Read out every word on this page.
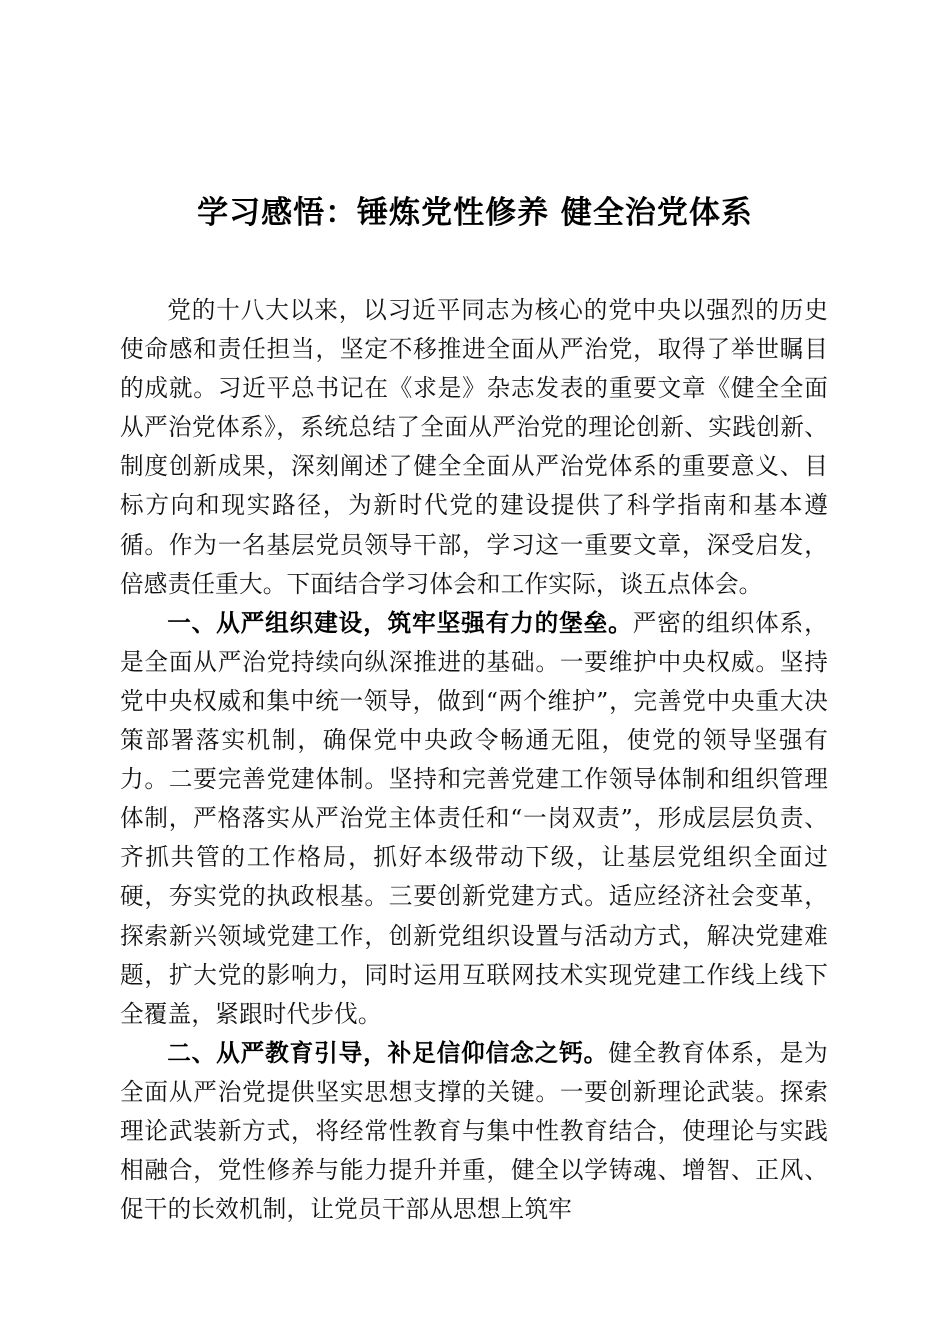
学习感悟：锤炼党性修养 健全治党体系

党的十八大以来，以习近平同志为核心的党中央以强烈的历史使命感和责任担当，坚定不移推进全面从严治党，取得了举世瞩目的成就。习近平总书记在《求是》杂志发表的重要文章《健全全面从严治党体系》，系统总结了全面从严治党的理论创新、实践创新、制度创新成果，深刻阐述了健全全面从严治党体系的重要意义、目标方向和现实路径，为新时代党的建设提供了科学指南和基本遵循。作为一名基层党员领导干部，学习这一重要文章，深受启发，倍感责任重大。下面结合学习体会和工作实际，谈五点体会。

一、从严组织建设，筑牢坚强有力的堡垒。严密的组织体系，是全面从严治党持续向纵深推进的基础。一要维护中央权威。坚持党中央权威和集中统一领导，做到“两个维护”，完善党中央重大决策部署落实机制，确保党中央政令畅通无阻，使党的领导坚强有力。二要完善党建体制。坚持和完善党建工作领导体制和组织管理体制，严格落实从严治党主体责任和“一岗双责”，形成层层负责、齐抓共管的工作格局，抓好本级带动下级，让基层党组织全面过硬，夯实党的执政根基。三要创新党建方式。适应经济社会变革，探索新兴领域党建工作，创新党组织设置与活动方式，解决党建难题，扩大党的影响力，同时运用互联网技术实现党建工作线上线下全覆盖，紧跟时代步伐。

二、从严教育引导，补足信仰信念之钙。健全教育体系，是为全面从严治党提供坚实思想支撑的关键。一要创新理论武装。探索理论武装新方式，将经常性教育与集中性教育结合，使理论与实践相融合，党性修养与能力提升并重，健全以学铸魂、增智、正风、促干的长效机制，让党员干部从思想上筑牢
